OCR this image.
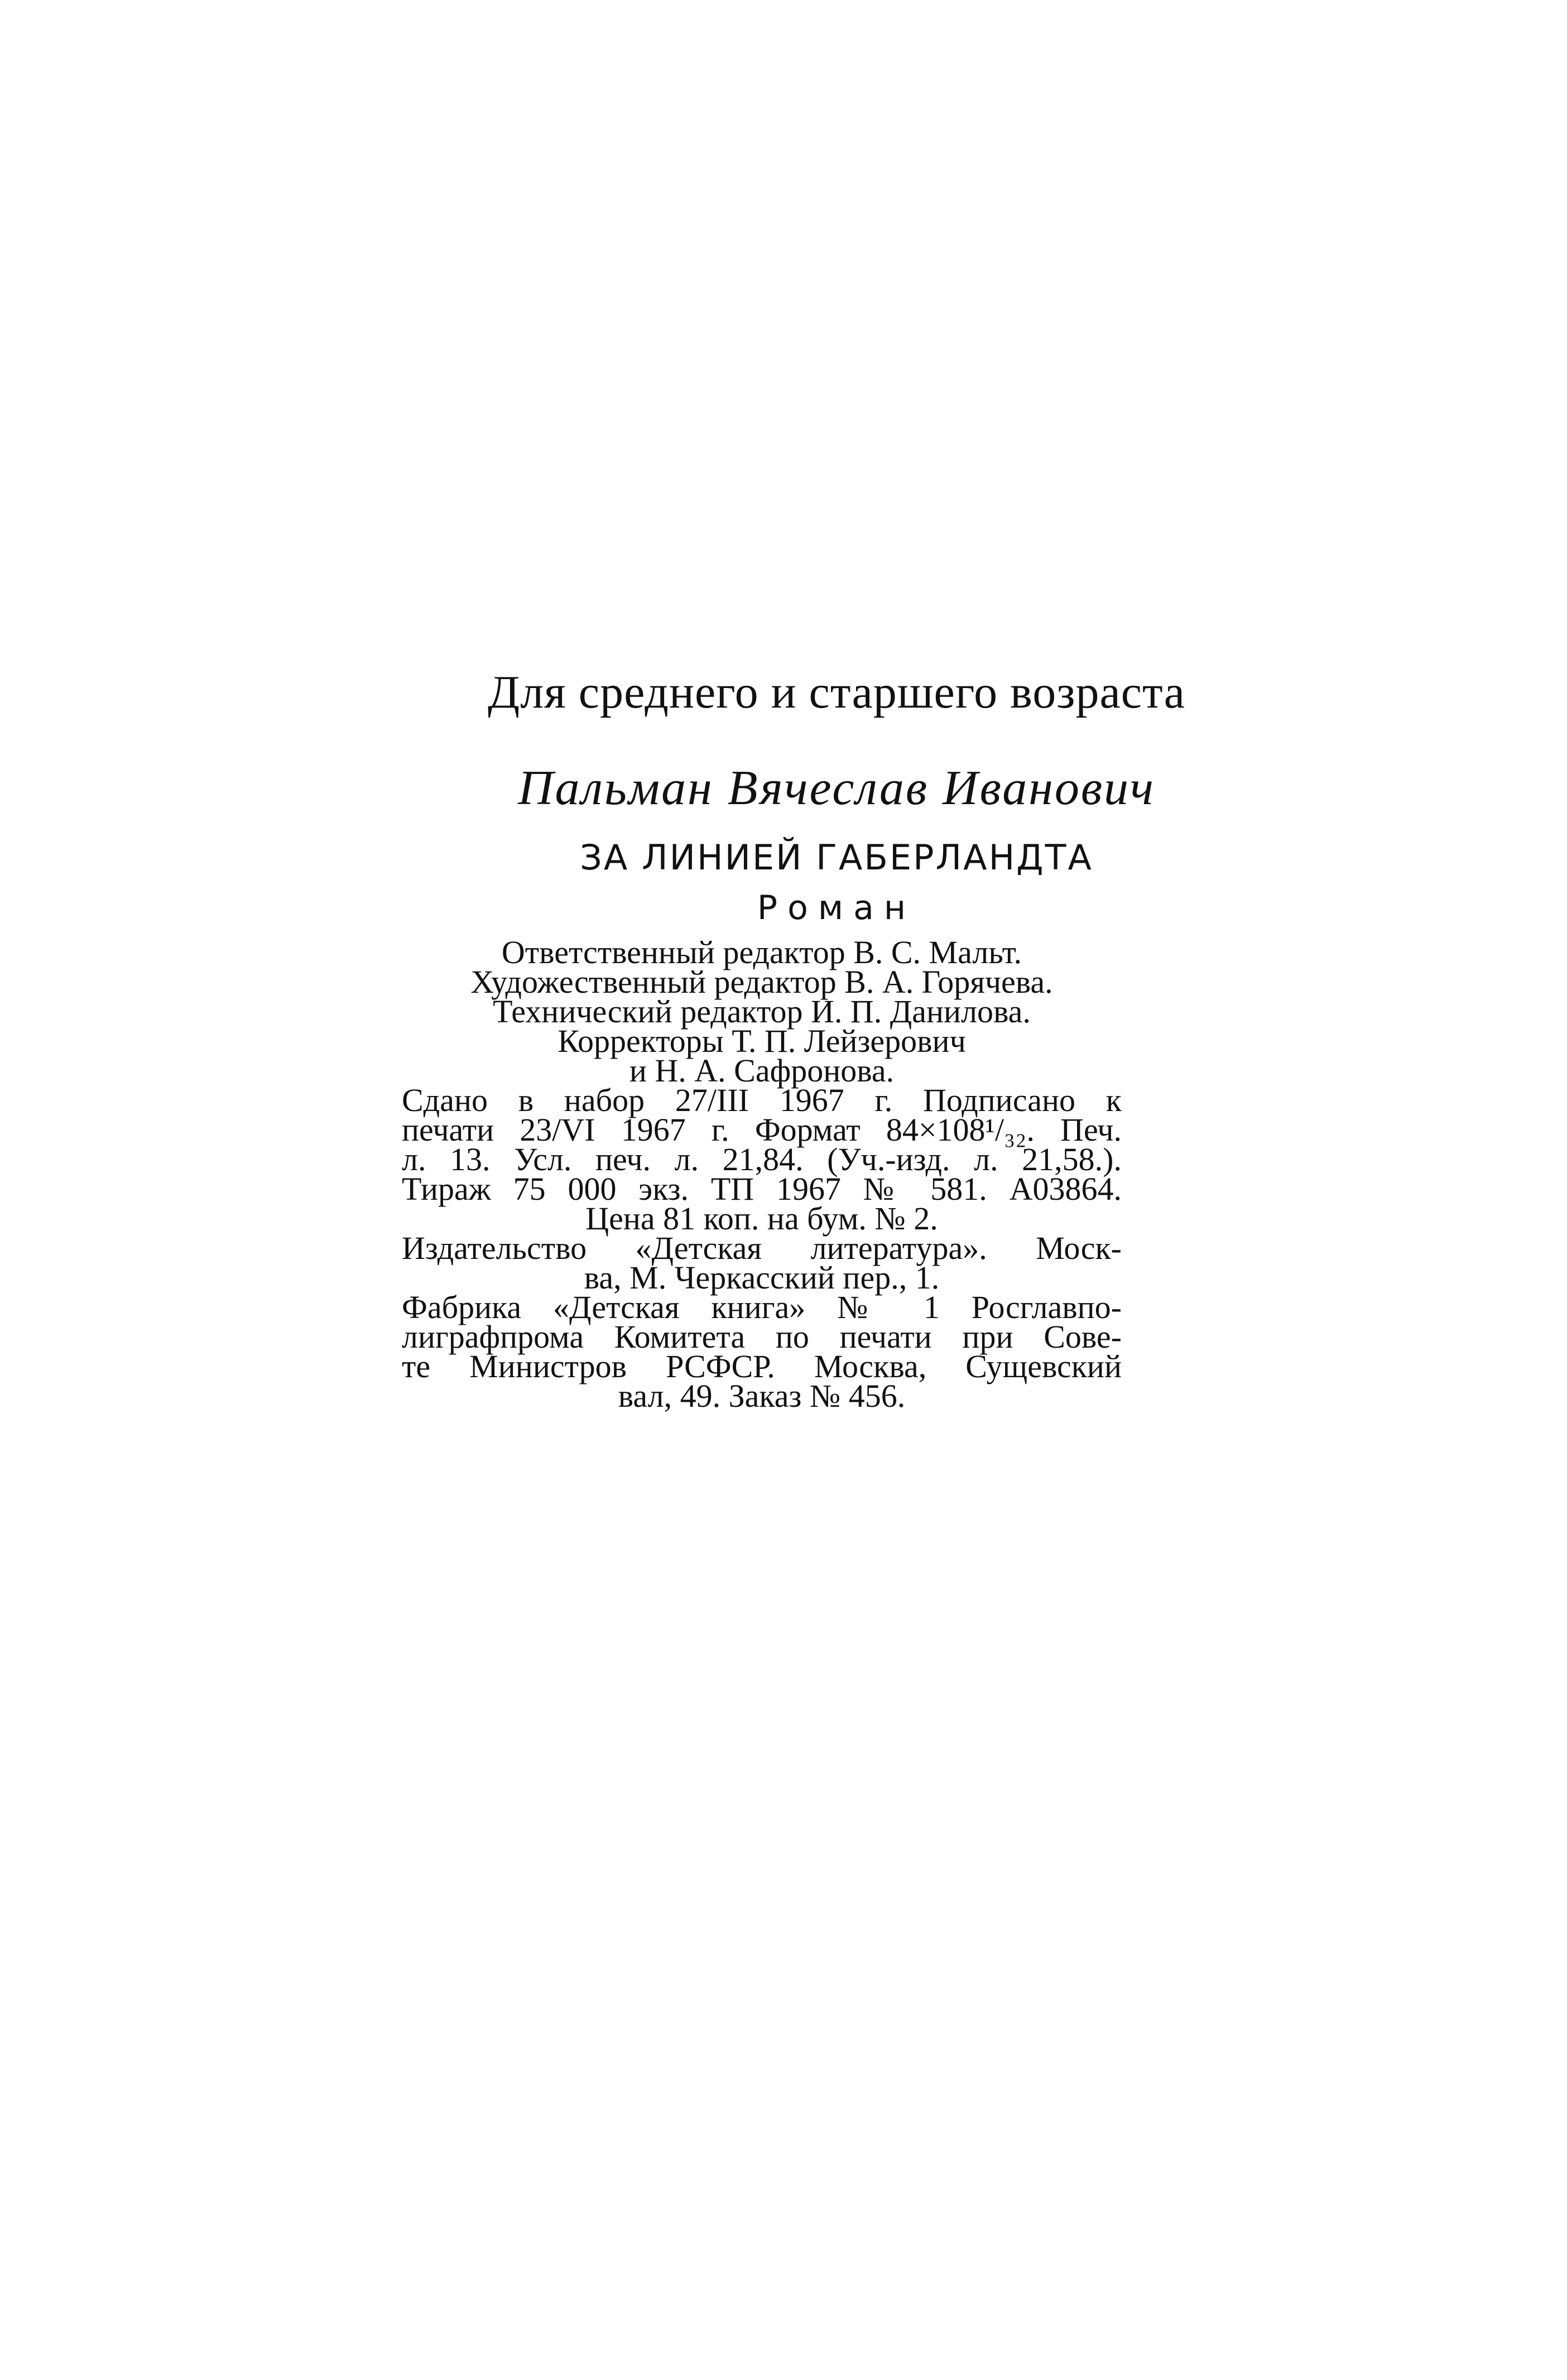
Для среднего и старшего возраста

Пальман Вячеслав Иванович

ЗА ЛИНИЕЙ ГАБЕРЛАНДТА

Роман

Ответственный редактор В. С. Мальт.
Художественный редактор В. А. Горячева.
Технический редактор И. П. Данилова.
Корректоры Т. П. Лейзерович
и Н. А. Сафронова.
Сдано в набор 27/III 1967 г. Подписано к
печати 23/VI 1967 г. Формат 84×108¹/₃₂. Печ.
л. 13. Усл. печ. л. 21,84. (Уч.-изд. л. 21,58.).
Тираж 75 000 экз. ТП 1967 № 581. А03864.
Цена 81 коп. на бум. № 2.
Издательство «Детская литература». Моск-
ва, М. Черкасский пер., 1.
Фабрика «Детская книга» № 1 Росглавпо-
лиграфпрома Комитета по печати при Сове-
те Министров РСФСР. Москва, Сущевский
вал, 49. Заказ № 456.
